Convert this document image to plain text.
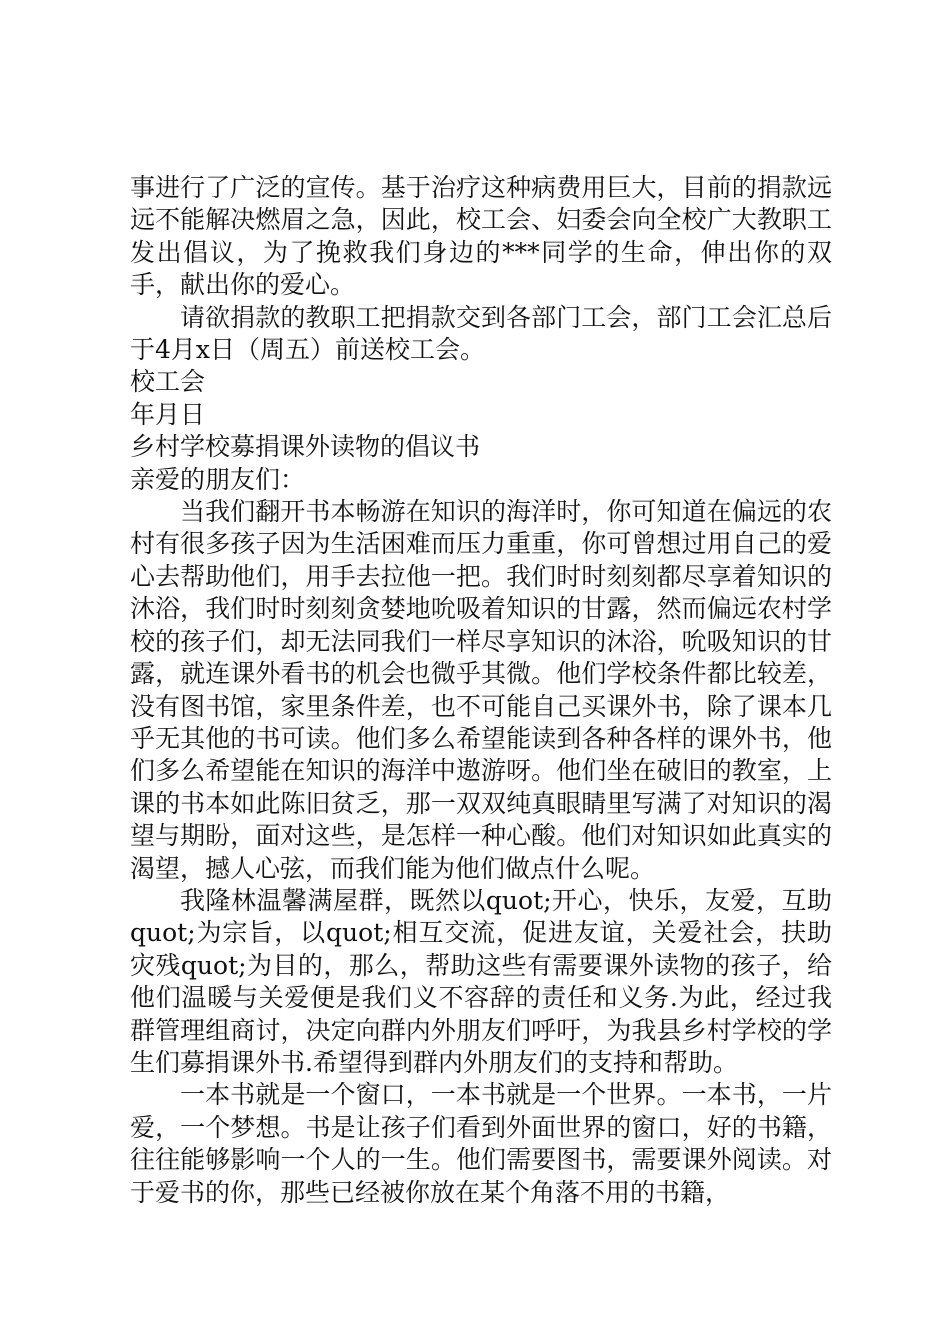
事进行了广泛的宣传。基于治疗这种病费用巨大，目前的捐款远远不能解决燃眉之急，因此，校工会、妇委会向全校广大教职工发出倡议，为了挽救我们身边的***同学的生命，伸出你的双手，献出你的爱心。

请欲捐款的教职工把捐款交到各部门工会，部门工会汇总后于4月x日（周五）前送校工会。

校工会

年月日

乡村学校募捐课外读物的倡议书

亲爱的朋友们：

当我们翻开书本畅游在知识的海洋时，你可知道在偏远的农村有很多孩子因为生活困难而压力重重，你可曾想过用自己的爱心去帮助他们，用手去拉他一把。我们时时刻刻都尽享着知识的沐浴，我们时时刻刻贪婪地吮吸着知识的甘露，然而偏远农村学校的孩子们，却无法同我们一样尽享知识的沐浴，吮吸知识的甘露，就连课外看书的机会也微乎其微。他们学校条件都比较差，没有图书馆，家里条件差，也不可能自己买课外书，除了课本几乎无其他的书可读。他们多么希望能读到各种各样的课外书，他们多么希望能在知识的海洋中遨游呀。他们坐在破旧的教室，上课的书本如此陈旧贫乏，那一双双纯真眼睛里写满了对知识的渴望与期盼，面对这些，是怎样一种心酸。他们对知识如此真实的渴望，撼人心弦，而我们能为他们做点什么呢。

我隆林温馨满屋群，既然以quot;开心，快乐，友爱，互助quot;为宗旨，以quot;相互交流，促进友谊，关爱社会，扶助灾残quot;为目的，那么，帮助这些有需要课外读物的孩子，给他们温暖与关爱便是我们义不容辞的责任和义务.为此，经过我群管理组商讨，决定向群内外朋友们呼吁，为我县乡村学校的学生们募捐课外书.希望得到群内外朋友们的支持和帮助。

一本书就是一个窗口，一本书就是一个世界。一本书，一片爱，一个梦想。书是让孩子们看到外面世界的窗口，好的书籍，往往能够影响一个人的一生。他们需要图书，需要课外阅读。对于爱书的你，那些已经被你放在某个角落不用的书籍，
